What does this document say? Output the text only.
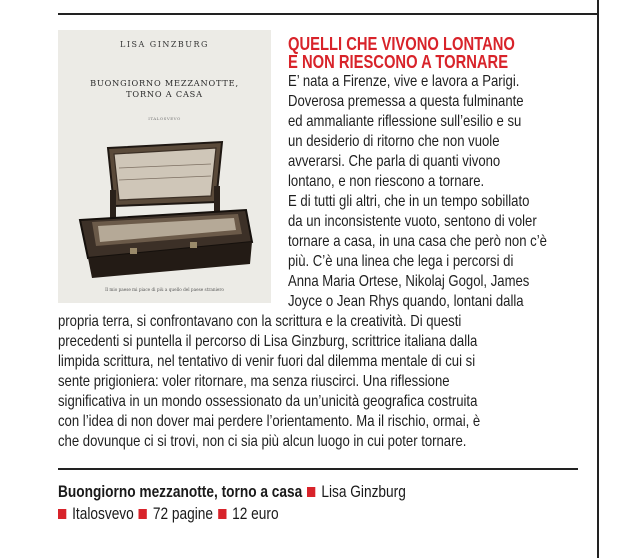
LISA GINZBURG
BUONGIORNO MEZZANOTTE,
TORNO A CASA
ITALOSVEVO
Il mio paese mi piace di più a quello del paese straniero
QUELLI CHE VIVONO LONTANO
E NON RIESCONO A TORNARE
E’ nata a Firenze, vive e lavora a Parigi.
Doverosa premessa a questa fulminante
ed ammaliante riflessione sull’esilio e su
un desiderio di ritorno che non vuole
avverarsi. Che parla di quanti vivono
lontano, e non riescono a tornare.
E di tutti gli altri, che in un tempo sobillato
da un inconsistente vuoto, sentono di voler
tornare a casa, in una casa che però non c’è
più. C’è una linea che lega i percorsi di
Anna Maria Ortese, Nikolaj Gogol, James
Joyce o Jean Rhys quando, lontani dalla
propria terra, si confrontavano con la scrittura e la creatività. Di questi
precedenti si puntella il percorso di Lisa Ginzburg, scrittrice italiana dalla
limpida scrittura, nel tentativo di venir fuori dal dilemma mentale di cui si
sente prigioniera: voler ritornare, ma senza riuscirci. Una riflessione
significativa in un mondo ossessionato da un’unicità geografica costruita
con l’idea di non dover mai perdere l’orientamento. Ma il rischio, ormai, è
che dovunque ci si trovi, non ci sia più alcun luogo in cui poter tornare.
Buongiorno mezzanotte, torno a casa Lisa Ginzburg
Italosvevo 72 pagine 12 euro
